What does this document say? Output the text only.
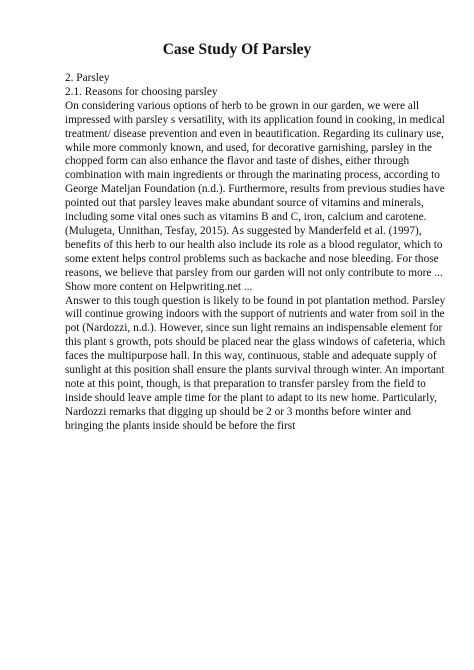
Case Study Of Parsley
2. Parsley
2.1. Reasons for choosing parsley
On considering various options of herb to be grown in our garden, we were all
impressed with parsley s versatility, with its application found in cooking, in medical
treatment/ disease prevention and even in beautification. Regarding its culinary use,
while more commonly known, and used, for decorative garnishing, parsley in the
chopped form can also enhance the flavor and taste of dishes, either through
combination with main ingredients or through the marinating process, according to
George Mateljan Foundation (n.d.). Furthermore, results from previous studies have
pointed out that parsley leaves make abundant source of vitamins and minerals,
including some vital ones such as vitamins B and C, iron, calcium and carotene.
(Mulugeta, Unnithan, Tesfay, 2015). As suggested by Manderfeld et al. (1997),
benefits of this herb to our health also include its role as a blood regulator, which to
some extent helps control problems such as backache and nose bleeding. For those
reasons, we believe that parsley from our garden will not only contribute to more ...
Show more content on Helpwriting.net ...
Answer to this tough question is likely to be found in pot plantation method. Parsley
will continue growing indoors with the support of nutrients and water from soil in the
pot (Nardozzi, n.d.). However, since sun light remains an indispensable element for
this plant s growth, pots should be placed near the glass windows of cafeteria, which
faces the multipurpose hall. In this way, continuous, stable and adequate supply of
sunlight at this position shall ensure the plants survival through winter. An important
note at this point, though, is that preparation to transfer parsley from the field to
inside should leave ample time for the plant to adapt to its new home. Particularly,
Nardozzi remarks that digging up should be 2 or 3 months before winter and
bringing the plants inside should be before the first
